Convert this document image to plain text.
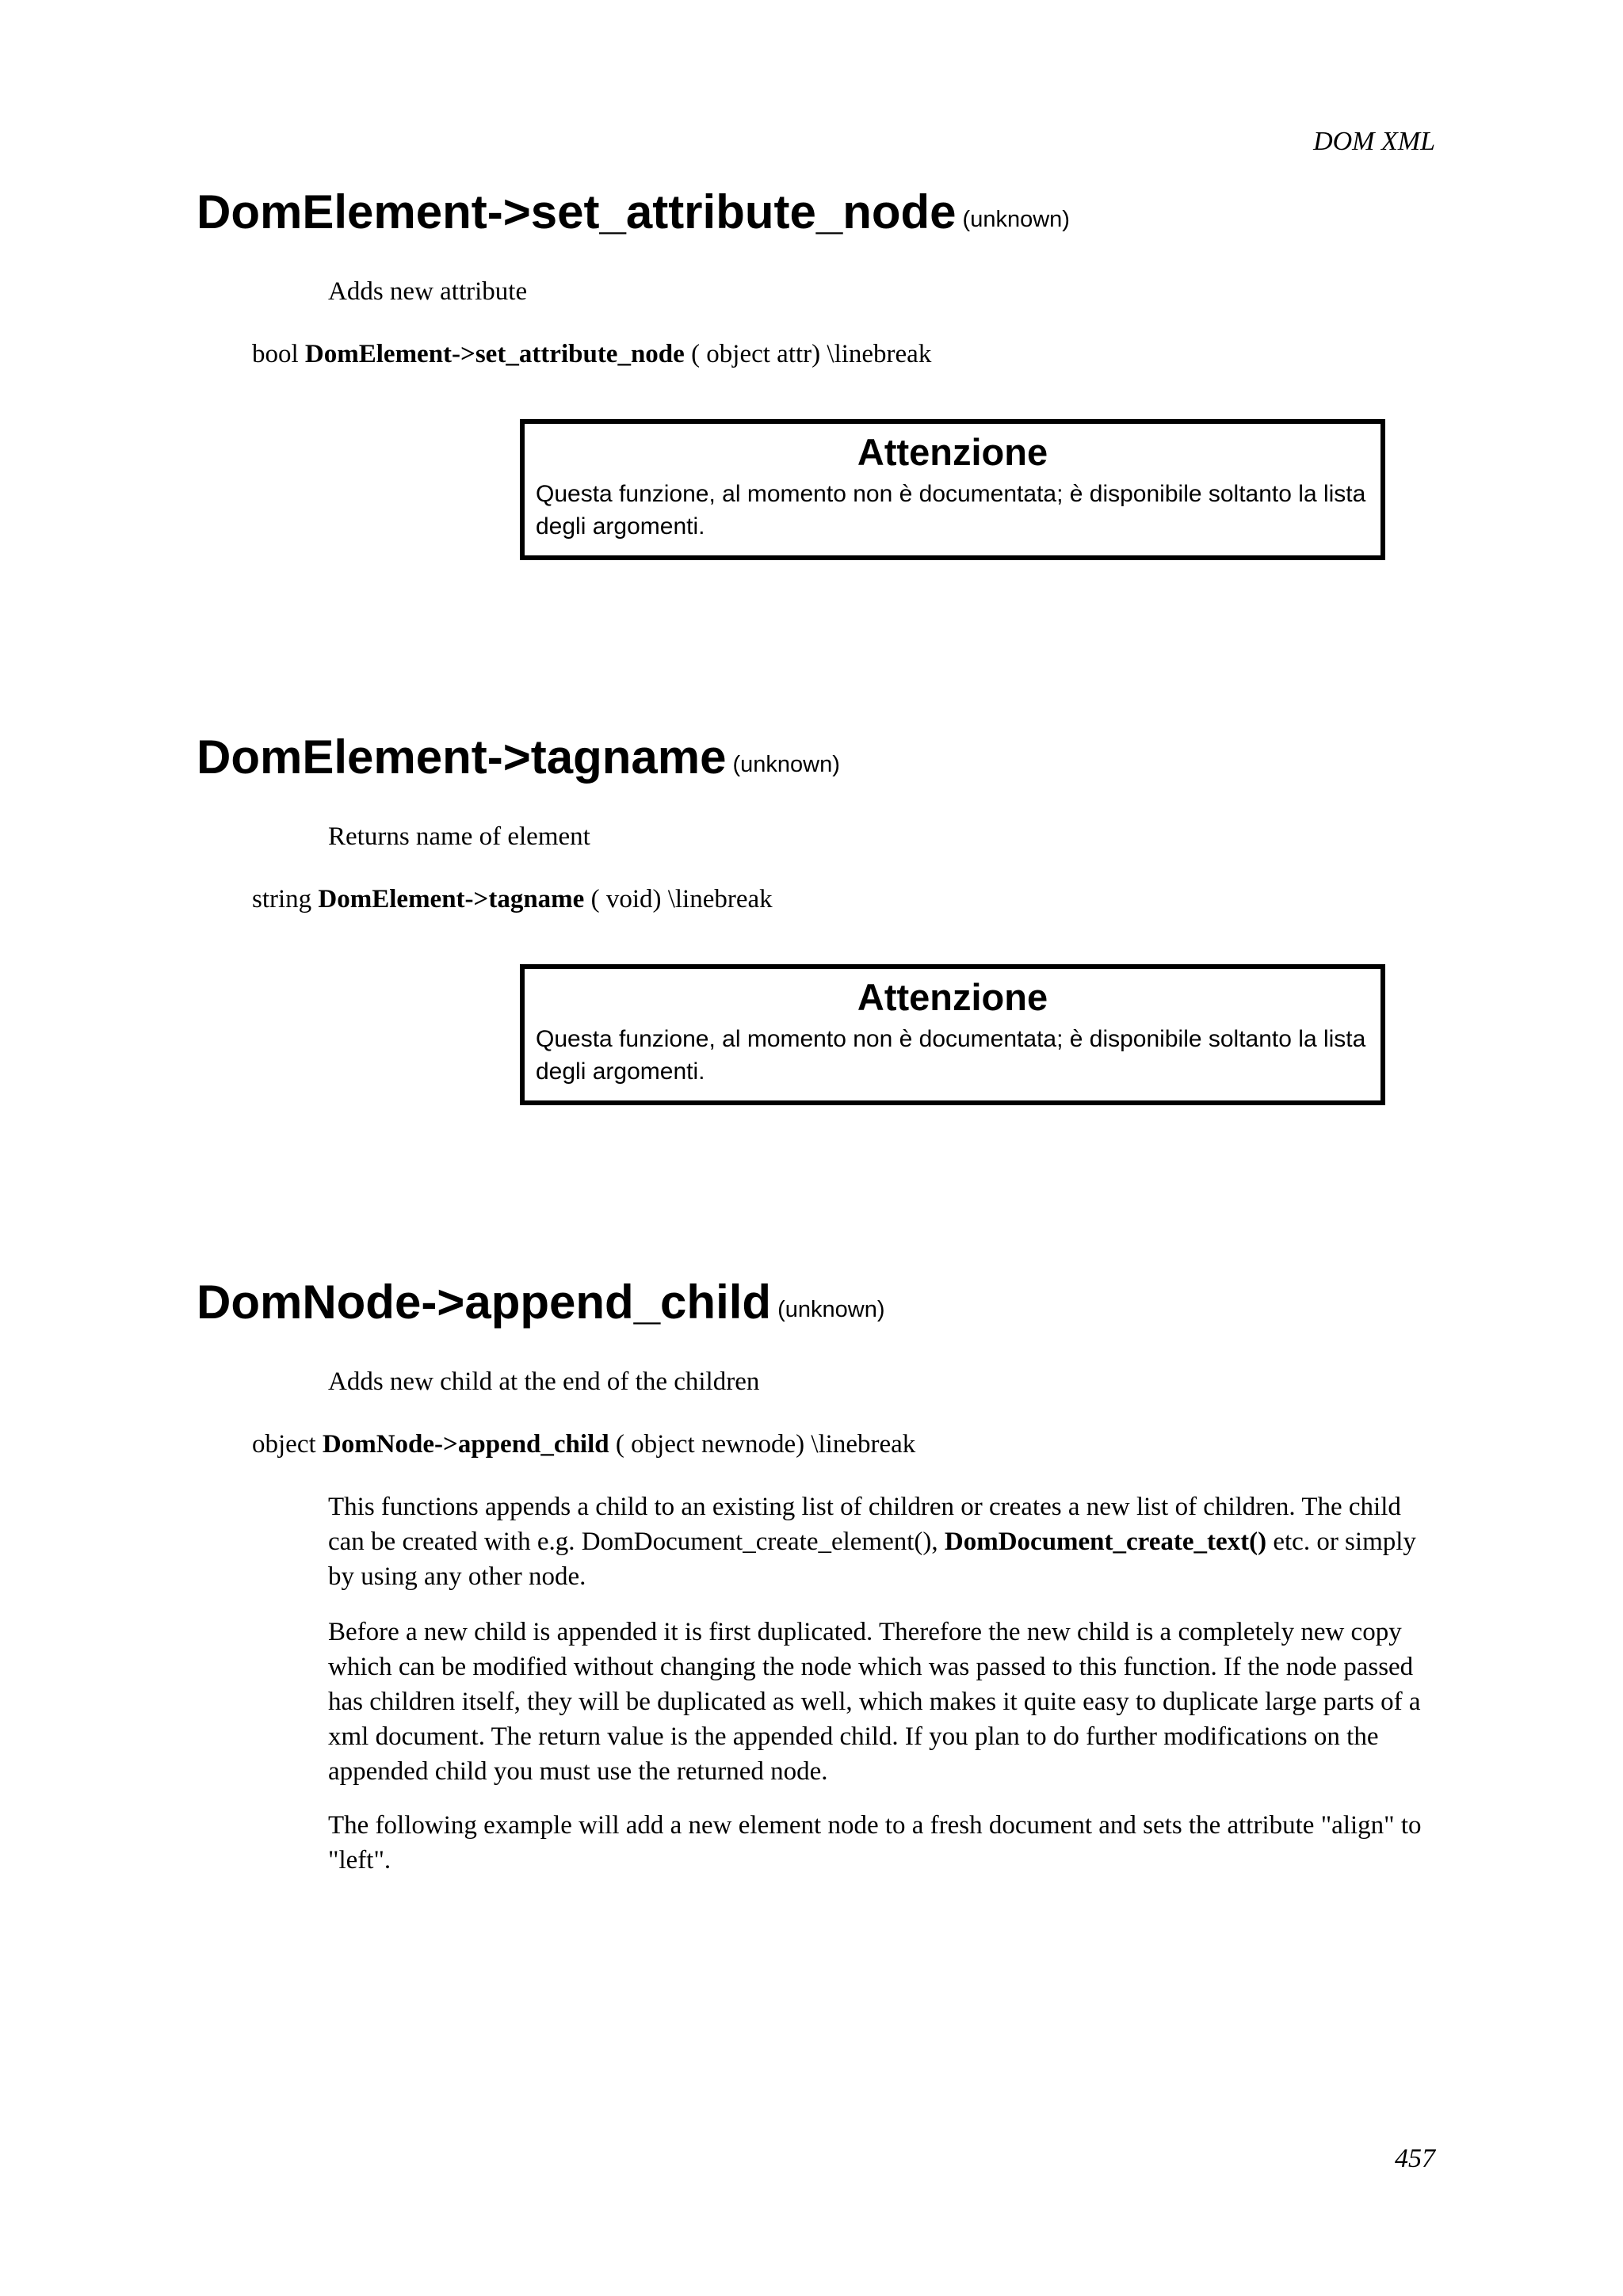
DOM XML
DomElement->set_attribute_node (unknown)

Adds new attribute

bool DomElement->set_attribute_node ( object attr) \linebreak

Attenzione

Questa funzione, al momento non è documentata; è disponibile soltanto la lista degli argomenti.

DomElement->tagname (unknown)

Returns name of element

string DomElement->tagname ( void) \linebreak

Attenzione

Questa funzione, al momento non è documentata; è disponibile soltanto la lista degli argomenti.

DomNode->append_child (unknown)

Adds new child at the end of the children

object DomNode->append_child ( object newnode) \linebreak

This functions appends a child to an existing list of children or creates a new list of children. The child can be created with e.g. DomDocument_create_element(), DomDocument_create_text() etc. or simply by using any other node.

Before a new child is appended it is first duplicated. Therefore the new child is a completely new copy which can be modified without changing the node which was passed to this function. If the node passed has children itself, they will be duplicated as well, which makes it quite easy to duplicate large parts of a xml document. The return value is the appended child. If you plan to do further modifications on the appended child you must use the returned node.

The following example will add a new element node to a fresh document and sets the attribute "align" to "left".

457
